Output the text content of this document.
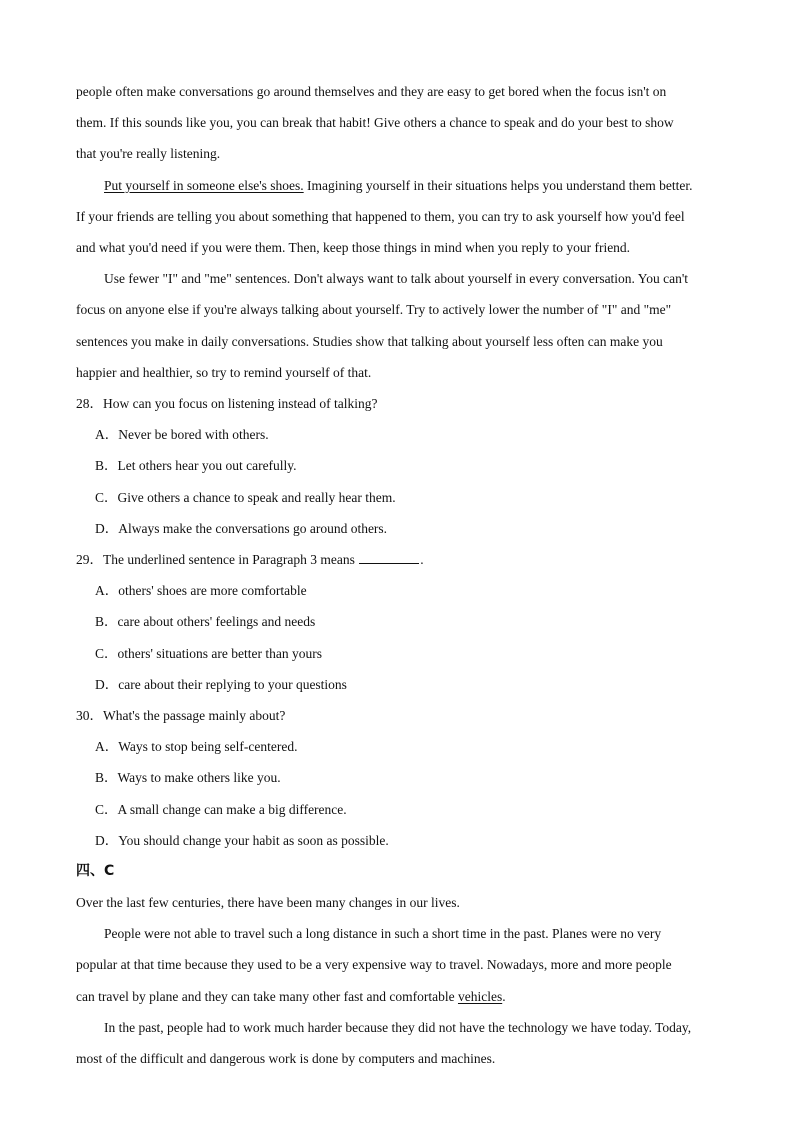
people often make conversations go around themselves and they are easy to get bored when the focus isn't on

them. If this sounds like you, you can break that habit! Give others a chance to speak and do your best to show

that you're really listening.

Put yourself in someone else's shoes. Imagining yourself in their situations helps you understand them better.

If your friends are telling you about something that happened to them, you can try to ask yourself how you'd feel

and what you'd need if you were them. Then, keep those things in mind when you reply to your friend.

Use fewer "I" and "me" sentences. Don't always want to talk about yourself in every conversation. You can't

focus on anyone else if you're always talking about yourself. Try to actively lower the number of "I" and "me"

sentences you make in daily conversations. Studies show that talking about yourself less often can make you

happier and healthier, so try to remind yourself of that.

28．How can you focus on listening instead of talking?

A．Never be bored with others.

B．Let others hear you out carefully.

C．Give others a chance to speak and really hear them.

D．Always make the conversations go around others.

29．The underlined sentence in Paragraph 3 means	.

A．others' shoes are more comfortable

B．care about others' feelings and needs

C．others' situations are better than yours

D．care about their replying to your questions

30．What's the passage mainly about?

A．Ways to stop being self-centered.

B．Ways to make others like you.

C．A small change can make a big difference.

D．You should change your habit as soon as possible.

四、C

Over the last few centuries, there have been many changes in our lives.

People were not able to travel such a long distance in such a short time in the past. Planes were no very

popular at that time because they used to be a very expensive way to travel. Nowadays, more and more people

can travel by plane and they can take many other fast and comfortable vehicles.

In the past, people had to work much harder because they did not have the technology we have today. Today,

most of the difficult and dangerous work is done by computers and machines.
